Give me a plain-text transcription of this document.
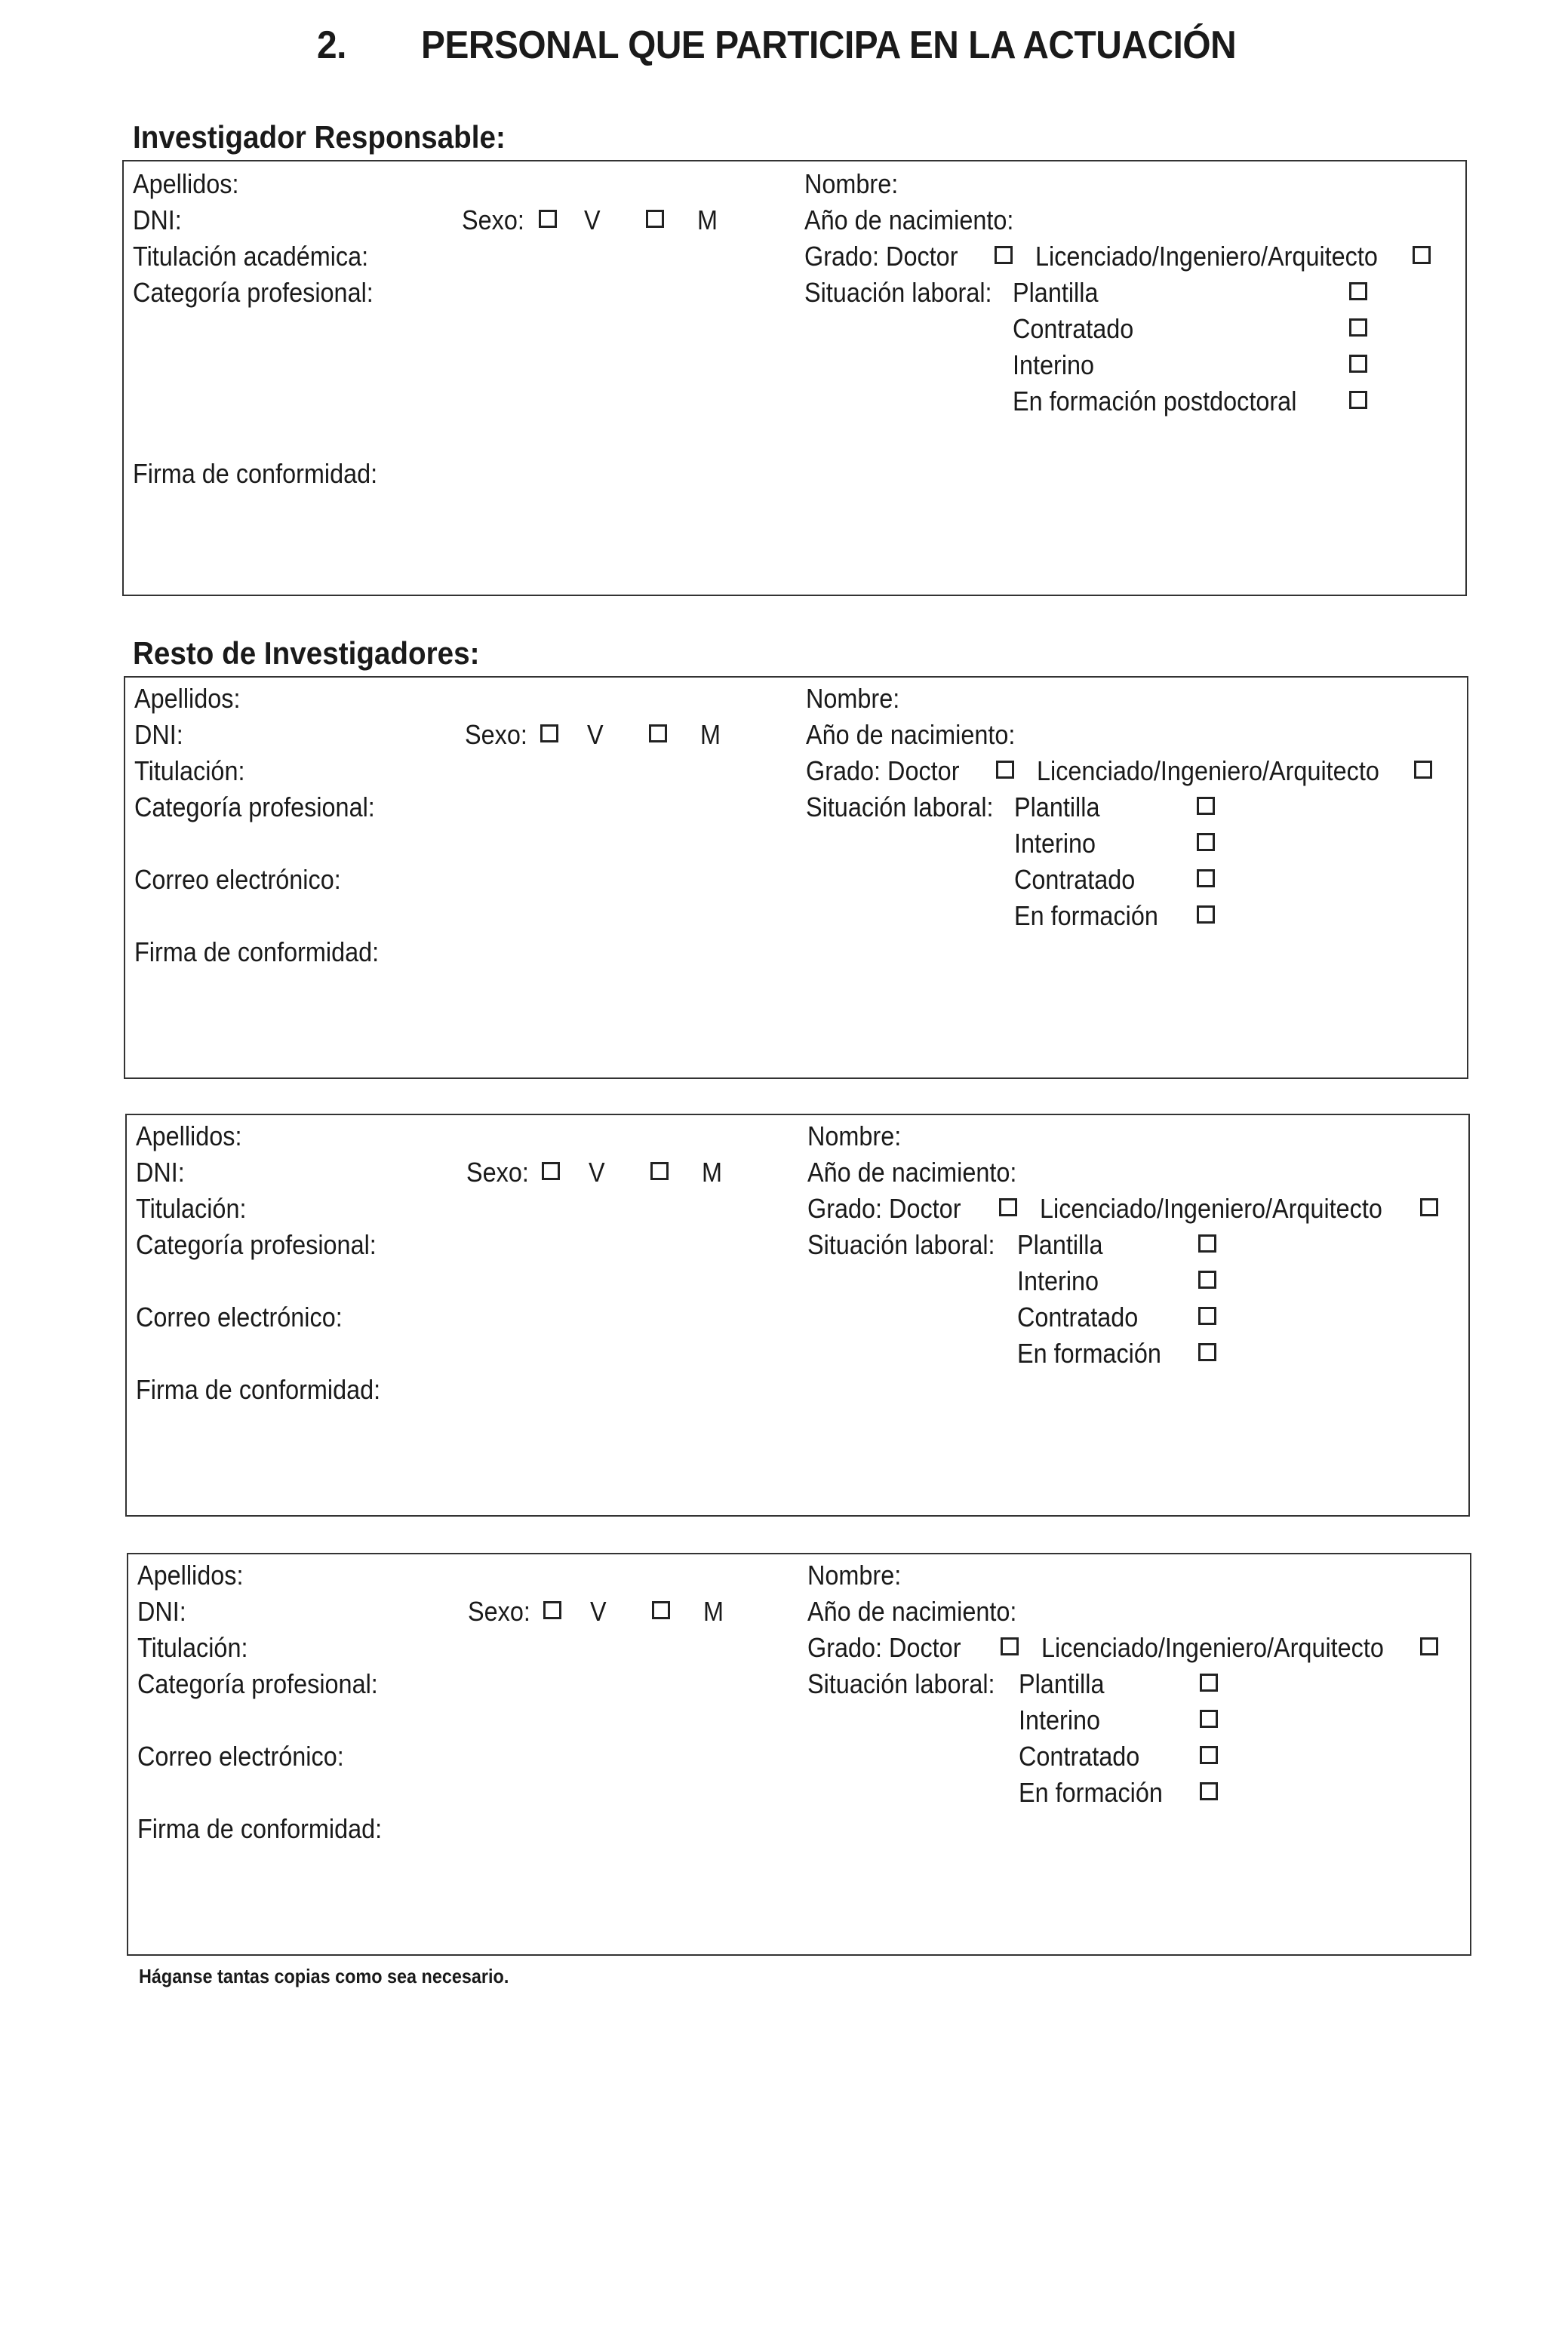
2. PERSONAL QUE PARTICIPA EN LA ACTUACIÓN
Investigador Responsable:
Apellidos:
DNI:	Sexo: V	M
Titulación académica:
Categoría profesional:
Firma de conformidad:
Nombre:
Año de nacimiento:
Grado: Doctor	Licenciado/Ingeniero/Arquitecto
Situación laboral: Plantilla
Contratado
Interino
En formación postdoctoral
Resto de Investigadores:
Apellidos:
DNI:	Sexo: V	M
Titulación:
Categoría profesional:
Correo electrónico:
Firma de conformidad:
Nombre:
Año de nacimiento:
Grado: Doctor	Licenciado/Ingeniero/Arquitecto
Situación laboral: Plantilla
Interino
Contratado
En formación
Apellidos:
DNI:	Sexo: V	M
Titulación:
Categoría profesional:
Correo electrónico:
Firma de conformidad:
Nombre:
Año de nacimiento:
Grado: Doctor	Licenciado/Ingeniero/Arquitecto
Situación laboral: Plantilla
Interino
Contratado
En formación
Apellidos:
DNI:	Sexo: V	M
Titulación:
Categoría profesional:
Correo electrónico:
Firma de conformidad:
Nombre:
Año de nacimiento:
Grado: Doctor	Licenciado/Ingeniero/Arquitecto
Situación laboral: Plantilla
Interino
Contratado
En formación
Háganse tantas copias como sea necesario.
